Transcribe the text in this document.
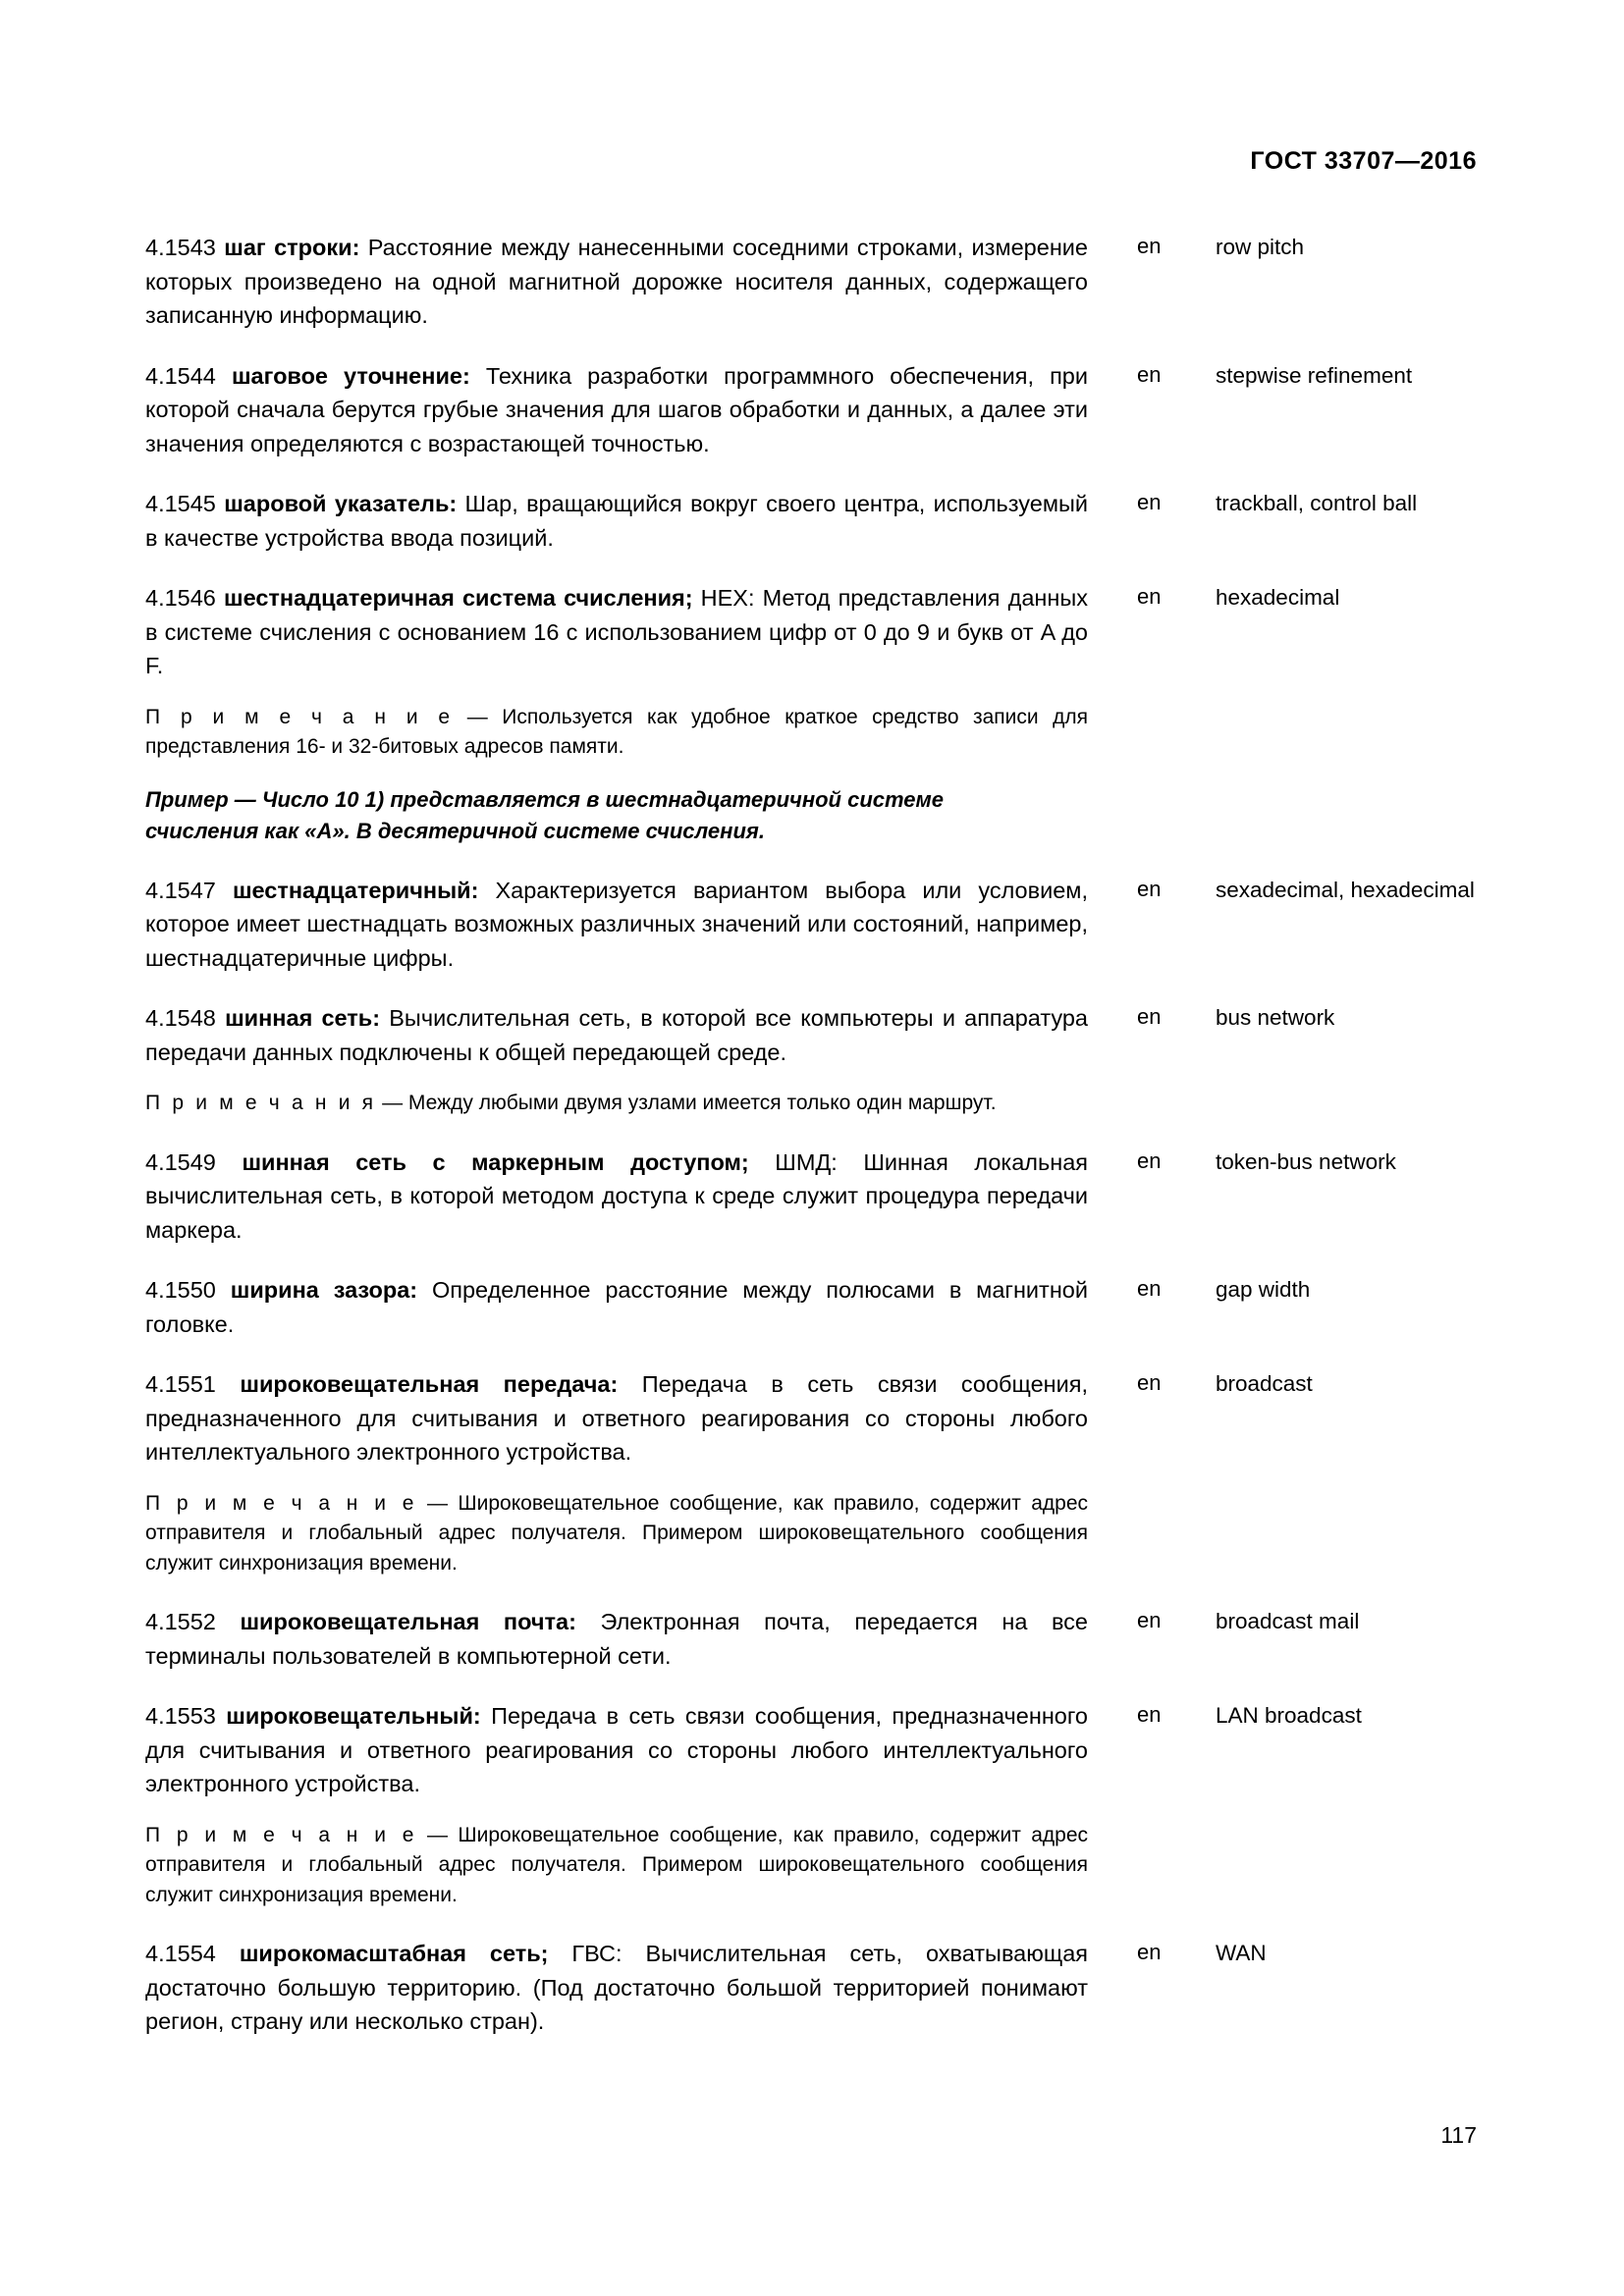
ГОСТ 33707—2016
4.1543 шаг строки: Расстояние между нанесенными соседними строками, измерение которых произведено на одной магнитной дорожке носителя данных, содержащего записанную информацию.
en row pitch
4.1544 шаговое уточнение: Техника разработки программного обеспечения, при которой сначала берутся грубые значения для шагов обработки и данных, а далее эти значения определяются с возрастающей точностью.
en stepwise refinement
4.1545 шаровой указатель: Шар, вращающийся вокруг своего центра, используемый в качестве устройства ввода позиций.
en trackball, control ball
4.1546 шестнадцатеричная система счисления; HEX: Метод представления данных в системе счисления с основанием 16 с использованием цифр от 0 до 9 и букв от A до F.
en hexadecimal
П р и м е ч а н и е — Используется как удобное краткое средство записи для представления 16- и 32-битовых адресов памяти.
Пример — Число 10 1) представляется в шестнадцатеричной системе счисления как «A». В десятеричной системе счисления.
4.1547 шестнадцатеричный: Характеризуется вариантом выбора или условием, которое имеет шестнадцать возможных различных значений или состояний, например, шестнадцатеричные цифры.
en sexadecimal, hexadecimal
4.1548 шинная сеть: Вычислительная сеть, в которой все компьютеры и аппаратура передачи данных подключены к общей передающей среде.
en bus network
П р и м е ч а н и я — Между любыми двумя узлами имеется только один маршрут.
4.1549 шинная сеть с маркерным доступом; ШМД: Шинная локальная вычислительная сеть, в которой методом доступа к среде служит процедура передачи маркера.
en token-bus network
4.1550 ширина зазора: Определенное расстояние между полюсами в магнитной головке.
en gap width
4.1551 широковещательная передача: Передача в сеть связи сообщения, предназначенного для считывания и ответного реагирования со стороны любого интеллектуального электронного устройства.
en broadcast
П р и м е ч а н и е — Широковещательное сообщение, как правило, содержит адрес отправителя и глобальный адрес получателя. Примером широковещательного сообщения служит синхронизация времени.
4.1552 широковещательная почта: Электронная почта, передается на все терминалы пользователей в компьютерной сети.
en broadcast mail
4.1553 широковещательный: Передача в сеть связи сообщения, предназначенного для считывания и ответного реагирования со стороны любого интеллектуального электронного устройства.
en LAN broadcast
П р и м е ч а н и е — Широковещательное сообщение, как правило, содержит адрес отправителя и глобальный адрес получателя. Примером широковещательного сообщения служит синхронизация времени.
4.1554 широкомасштабная сеть; ГВС: Вычислительная сеть, охватывающая достаточно большую территорию. (Под достаточно большой территорией понимают регион, страну или несколько стран).
en WAN
117
